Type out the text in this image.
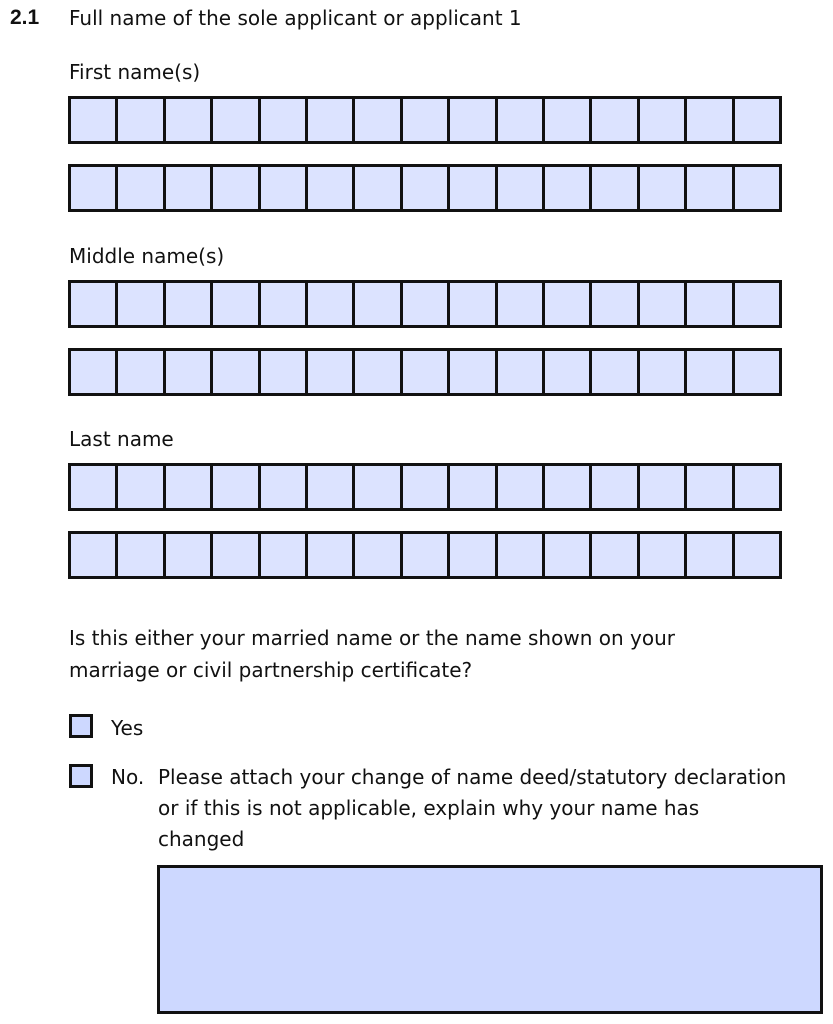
2.1 Full name of the sole applicant or applicant 1
First name(s)
Middle name(s)
Last name
Is this either your married name or the name shown on your marriage or civil partnership certificate?
Yes
No. Please attach your change of name deed/statutory declaration or if this is not applicable, explain why your name has changed
